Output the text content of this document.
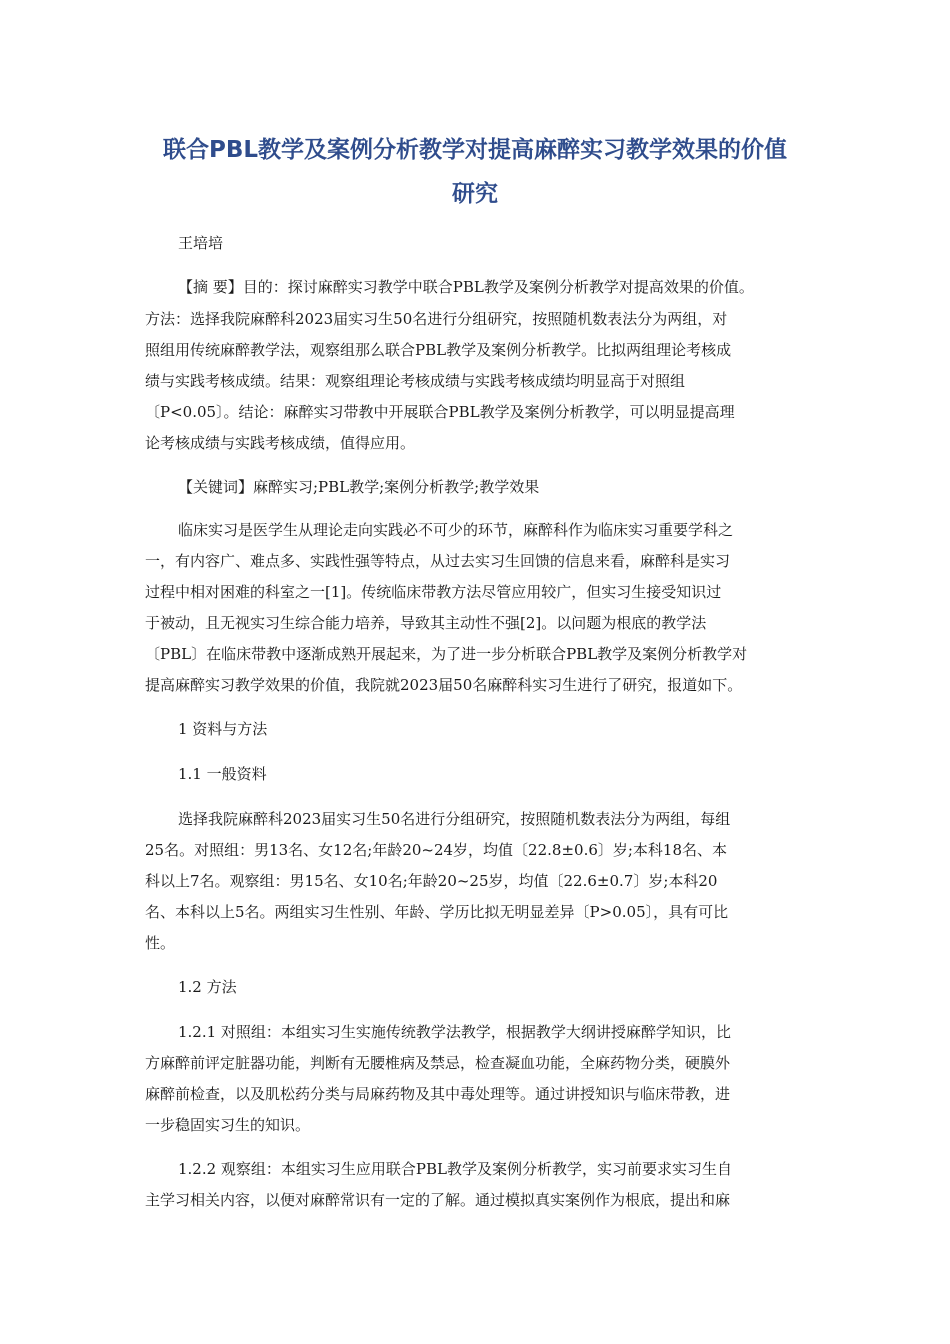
联合PBL教学及案例分析教学对提高麻醉实习教学效果的价值
研究
王培培
【摘 要】目的：探讨麻醉实习教学中联合PBL教学及案例分析教学对提高效果的价值。
方法：选择我院麻醉科2023届实习生50名进行分组研究，按照随机数表法分为两组，对
照组用传统麻醉教学法，观察组那么联合PBL教学及案例分析教学。比拟两组理论考核成
绩与实践考核成绩。结果：观察组理论考核成绩与实践考核成绩均明显高于对照组
〔P<0.05〕。结论：麻醉实习带教中开展联合PBL教学及案例分析教学，可以明显提高理
论考核成绩与实践考核成绩，值得应用。
【关键词】麻醉实习;PBL教学;案例分析教学;教学效果
临床实习是医学生从理论走向实践必不可少的环节，麻醉科作为临床实习重要学科之
一，有内容广、难点多、实践性强等特点，从过去实习生回馈的信息来看，麻醉科是实习
过程中相对困难的科室之一[1]。传统临床带教方法尽管应用较广，但实习生接受知识过
于被动，且无视实习生综合能力培养，导致其主动性不强[2]。以问题为根底的教学法
〔PBL〕在临床带教中逐渐成熟开展起来，为了进一步分析联合PBL教学及案例分析教学对
提高麻醉实习教学效果的价值，我院就2023届50名麻醉科实习生进行了研究，报道如下。
1 资料与方法
1.1 一般资料
选择我院麻醉科2023届实习生50名进行分组研究，按照随机数表法分为两组，每组
25名。对照组：男13名、女12名;年龄20~24岁，均值〔22.8±0.6〕岁;本科18名、本
科以上7名。观察组：男15名、女10名;年龄20~25岁，均值〔22.6±0.7〕岁;本科20
名、本科以上5名。两组实习生性别、年龄、学历比拟无明显差异〔P>0.05〕，具有可比
性。
1.2 方法
1.2.1 对照组：本组实习生实施传统教学法教学，根据教学大纲讲授麻醉学知识，比
方麻醉前评定脏器功能，判断有无腰椎病及禁忌，检查凝血功能，全麻药物分类，硬膜外
麻醉前检查，以及肌松药分类与局麻药物及其中毒处理等。通过讲授知识与临床带教，进
一步稳固实习生的知识。
1.2.2 观察组：本组实习生应用联合PBL教学及案例分析教学，实习前要求实习生自
主学习相关内容，以便对麻醉常识有一定的了解。通过模拟真实案例作为根底，提出和麻
